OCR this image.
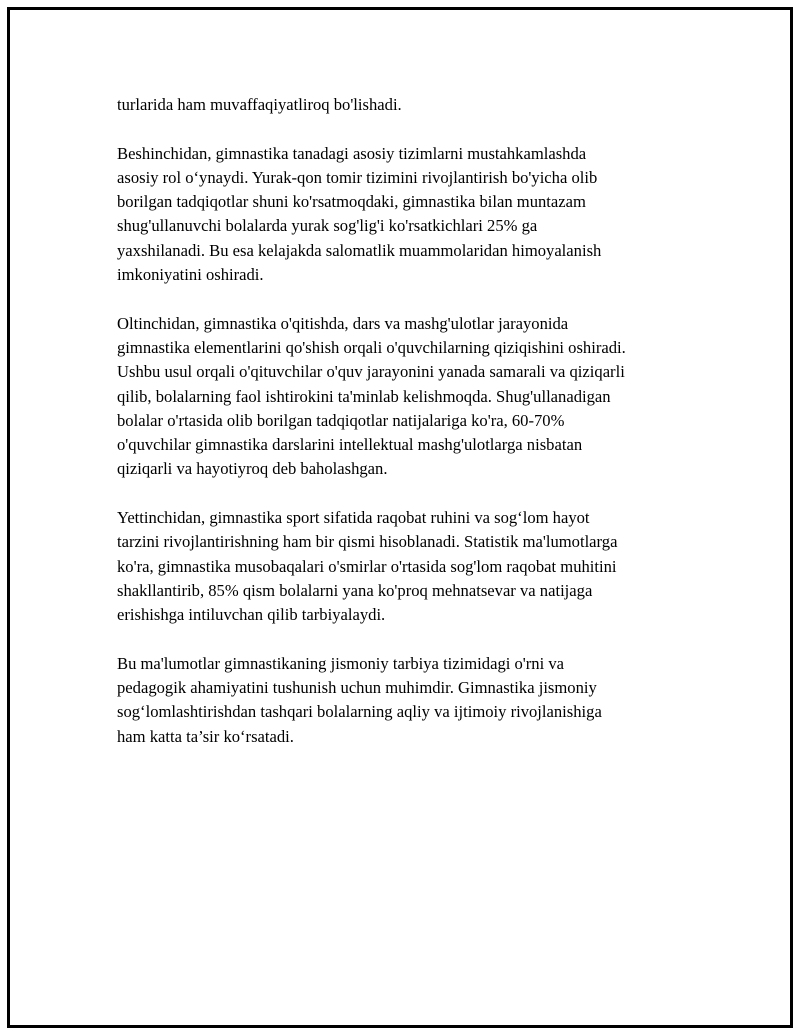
turlarida ham muvaffaqiyatliroq bo'lishadi.

Beshinchidan, gimnastika tanadagi asosiy tizimlarni mustahkamlashda
asosiy rol o‘ynaydi. Yurak-qon tomir tizimini rivojlantirish bo'yicha olib
borilgan tadqiqotlar shuni ko'rsatmoqdaki, gimnastika bilan muntazam
shug'ullanuvchi bolalarda yurak sog'lig'i ko'rsatkichlari 25% ga
yaxshilanadi. Bu esa kelajakda salomatlik muammolaridan himoyalanish
imkoniyatini oshiradi.

Oltinchidan, gimnastika o'qitishda, dars va mashg'ulotlar jarayonida
gimnastika elementlarini qo'shish orqali o'quvchilarning qiziqishini oshiradi.
Ushbu usul orqali o'qituvchilar o'quv jarayonini yanada samarali va qiziqarli
qilib, bolalarning faol ishtirokini ta'minlab kelishmoqda. Shug'ullanadigan
bolalar o'rtasida olib borilgan tadqiqotlar natijalariga ko'ra, 60-70%
o'quvchilar gimnastika darslarini intellektual mashg'ulotlarga nisbatan
qiziqarli va hayotiyroq deb baholashgan.

Yettinchidan, gimnastika sport sifatida raqobat ruhini va sog‘lom hayot
tarzini rivojlantirishning ham bir qismi hisoblanadi. Statistik ma'lumotlarga
ko'ra, gimnastika musobaqalari o'smirlar o'rtasida sog'lom raqobat muhitini
shakllantirib, 85% qism bolalarni yana ko'proq mehnatsevar va natijaga
erishishga intiluvchan qilib tarbiyalaydi.

Bu ma'lumotlar gimnastikaning jismoniy tarbiya tizimidagi o'rni va
pedagogik ahamiyatini tushunish uchun muhimdir. Gimnastika jismoniy
sog‘lomlashtirishdan tashqari bolalarning aqliy va ijtimoiy rivojlanishiga
ham katta ta’sir ko‘rsatadi.
